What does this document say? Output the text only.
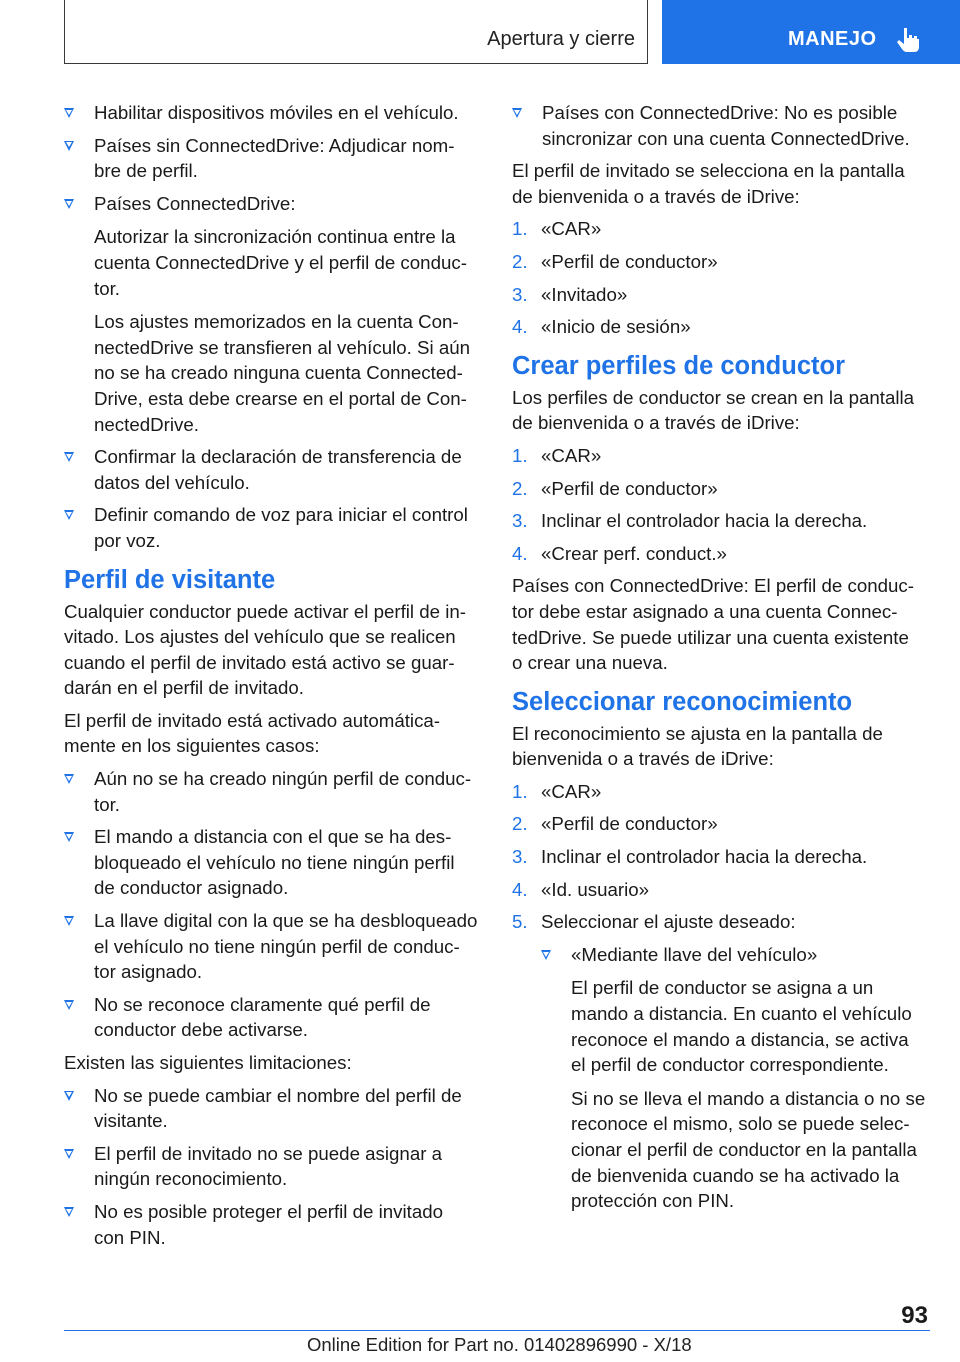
Apertura y cierre	MANEJO
Habilitar dispositivos móviles en el vehículo.
Países sin ConnectedDrive: Adjudicar nom-
bre de perfil.
Países ConnectedDrive:
Autorizar la sincronización continua entre la
cuenta ConnectedDrive y el perfil de conduc-
tor.
Los ajustes memorizados en la cuenta Con-
nectedDrive se transfieren al vehículo. Si aún
no se ha creado ninguna cuenta Connected-
Drive, esta debe crearse en el portal de Con-
nectedDrive.
Confirmar la declaración de transferencia de
datos del vehículo.
Definir comando de voz para iniciar el control
por voz.
Perfil de visitante
Cualquier conductor puede activar el perfil de in-
vitado. Los ajustes del vehículo que se realicen
cuando el perfil de invitado está activo se guar-
darán en el perfil de invitado.
El perfil de invitado está activado automática-
mente en los siguientes casos:
Aún no se ha creado ningún perfil de conduc-
tor.
El mando a distancia con el que se ha des-
bloqueado el vehículo no tiene ningún perfil
de conductor asignado.
La llave digital con la que se ha desbloqueado
el vehículo no tiene ningún perfil de conduc-
tor asignado.
No se reconoce claramente qué perfil de
conductor debe activarse.
Existen las siguientes limitaciones:
No se puede cambiar el nombre del perfil de
visitante.
El perfil de invitado no se puede asignar a
ningún reconocimiento.
No es posible proteger el perfil de invitado
con PIN.
Países con ConnectedDrive: No es posible
sincronizar con una cuenta ConnectedDrive.
El perfil de invitado se selecciona en la pantalla
de bienvenida o a través de iDrive:
1. «CAR»
2. «Perfil de conductor»
3. «Invitado»
4. «Inicio de sesión»
Crear perfiles de conductor
Los perfiles de conductor se crean en la pantalla
de bienvenida o a través de iDrive:
1. «CAR»
2. «Perfil de conductor»
3. Inclinar el controlador hacia la derecha.
4. «Crear perf. conduct.»
Países con ConnectedDrive: El perfil de conduc-
tor debe estar asignado a una cuenta Connec-
tedDrive. Se puede utilizar una cuenta existente
o crear una nueva.
Seleccionar reconocimiento
El reconocimiento se ajusta en la pantalla de
bienvenida o a través de iDrive:
1. «CAR»
2. «Perfil de conductor»
3. Inclinar el controlador hacia la derecha.
4. «Id. usuario»
5. Seleccionar el ajuste deseado:
«Mediante llave del vehículo»
El perfil de conductor se asigna a un
mando a distancia. En cuanto el vehículo
reconoce el mando a distancia, se activa
el perfil de conductor correspondiente.
Si no se lleva el mando a distancia o no se
reconoce el mismo, solo se puede selec-
cionar el perfil de conductor en la pantalla
de bienvenida cuando se ha activado la
protección con PIN.
93
Online Edition for Part no. 01402896990 - X/18
